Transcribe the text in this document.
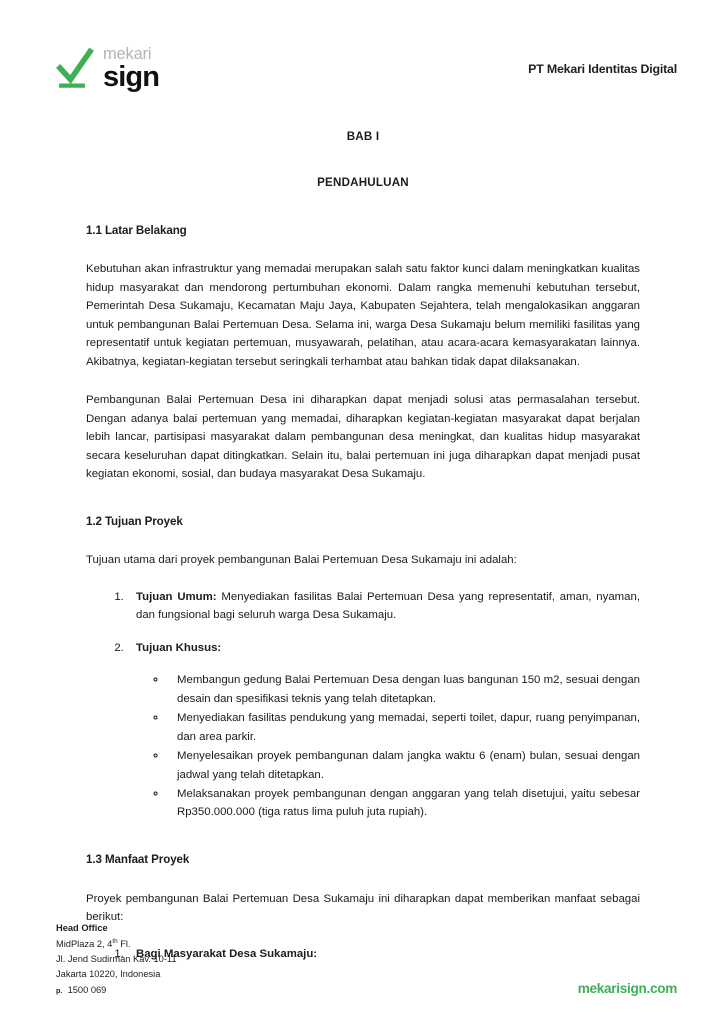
mekari
sign	PT Mekari Identitas Digital
BAB I
PENDAHULUAN
1.1 Latar Belakang

Kebutuhan akan infrastruktur yang memadai merupakan salah satu faktor kunci dalam meningkatkan kualitas hidup masyarakat dan mendorong pertumbuhan ekonomi. Dalam rangka memenuhi kebutuhan tersebut, Pemerintah Desa Sukamaju, Kecamatan Maju Jaya, Kabupaten Sejahtera, telah mengalokasikan anggaran untuk pembangunan Balai Pertemuan Desa. Selama ini, warga Desa Sukamaju belum memiliki fasilitas yang representatif untuk kegiatan pertemuan, musyawarah, pelatihan, atau acara-acara kemasyarakatan lainnya. Akibatnya, kegiatan-kegiatan tersebut seringkali terhambat atau bahkan tidak dapat dilaksanakan.

Pembangunan Balai Pertemuan Desa ini diharapkan dapat menjadi solusi atas permasalahan tersebut. Dengan adanya balai pertemuan yang memadai, diharapkan kegiatan-kegiatan masyarakat dapat berjalan lebih lancar, partisipasi masyarakat dalam pembangunan desa meningkat, dan kualitas hidup masyarakat secara keseluruhan dapat ditingkatkan. Selain itu, balai pertemuan ini juga diharapkan dapat menjadi pusat kegiatan ekonomi, sosial, dan budaya masyarakat Desa Sukamaju.

1.2 Tujuan Proyek

Tujuan utama dari proyek pembangunan Balai Pertemuan Desa Sukamaju ini adalah:

1. Tujuan Umum: Menyediakan fasilitas Balai Pertemuan Desa yang representatif, aman, nyaman, dan fungsional bagi seluruh warga Desa Sukamaju.
2. Tujuan Khusus:
◦ Membangun gedung Balai Pertemuan Desa dengan luas bangunan 150 m2, sesuai dengan desain dan spesifikasi teknis yang telah ditetapkan.
◦ Menyediakan fasilitas pendukung yang memadai, seperti toilet, dapur, ruang penyimpanan, dan area parkir.
◦ Menyelesaikan proyek pembangunan dalam jangka waktu 6 (enam) bulan, sesuai dengan jadwal yang telah ditetapkan.
◦ Melaksanakan proyek pembangunan dengan anggaran yang telah disetujui, yaitu sebesar Rp350.000.000 (tiga ratus lima puluh juta rupiah).
1.3 Manfaat Proyek

Proyek pembangunan Balai Pertemuan Desa Sukamaju ini diharapkan dapat memberikan manfaat sebagai berikut:

1. Bagi Masyarakat Desa Sukamaju:
Head Office
MidPlaza 2, 4th Fl.
Jl. Jend Sudirman Kav. 10-11
Jakarta 10220, Indonesia
p. 1500 069	mekarisign.com
